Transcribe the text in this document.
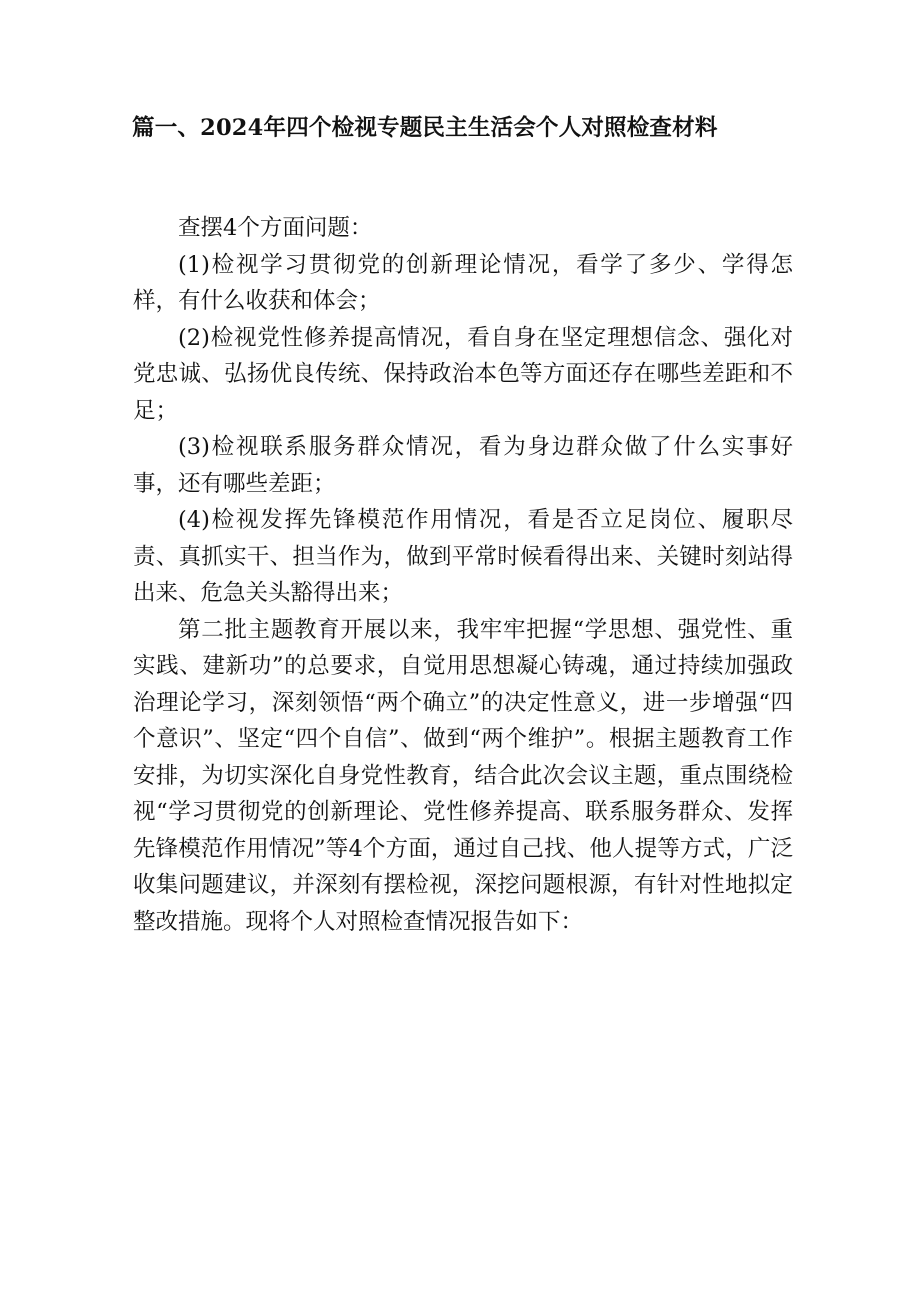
篇一、2024年四个检视专题民主生活会个人对照检查材料

查摆4个方面问题：

(1)检视学习贯彻党的创新理论情况，看学了多少、学得怎样，有什么收获和体会；

(2)检视党性修养提高情况，看自身在坚定理想信念、强化对党忠诚、弘扬优良传统、保持政治本色等方面还存在哪些差距和不足；

(3)检视联系服务群众情况，看为身边群众做了什么实事好事，还有哪些差距；

(4)检视发挥先锋模范作用情况，看是否立足岗位、履职尽责、真抓实干、担当作为，做到平常时候看得出来、关键时刻站得出来、危急关头豁得出来；

第二批主题教育开展以来，我牢牢把握“学思想、强党性、重实践、建新功”的总要求，自觉用思想凝心铸魂，通过持续加强政治理论学习，深刻领悟“两个确立”的决定性意义，进一步增强“四个意识”、坚定“四个自信”、做到“两个维护”。根据主题教育工作安排，为切实深化自身党性教育，结合此次会议主题，重点围绕检视“学习贯彻党的创新理论、党性修养提高、联系服务群众、发挥先锋模范作用情况”等4个方面，通过自己找、他人提等方式，广泛收集问题建议，并深刻有摆检视，深挖问题根源，有针对性地拟定整改措施。现将个人对照检查情况报告如下：
